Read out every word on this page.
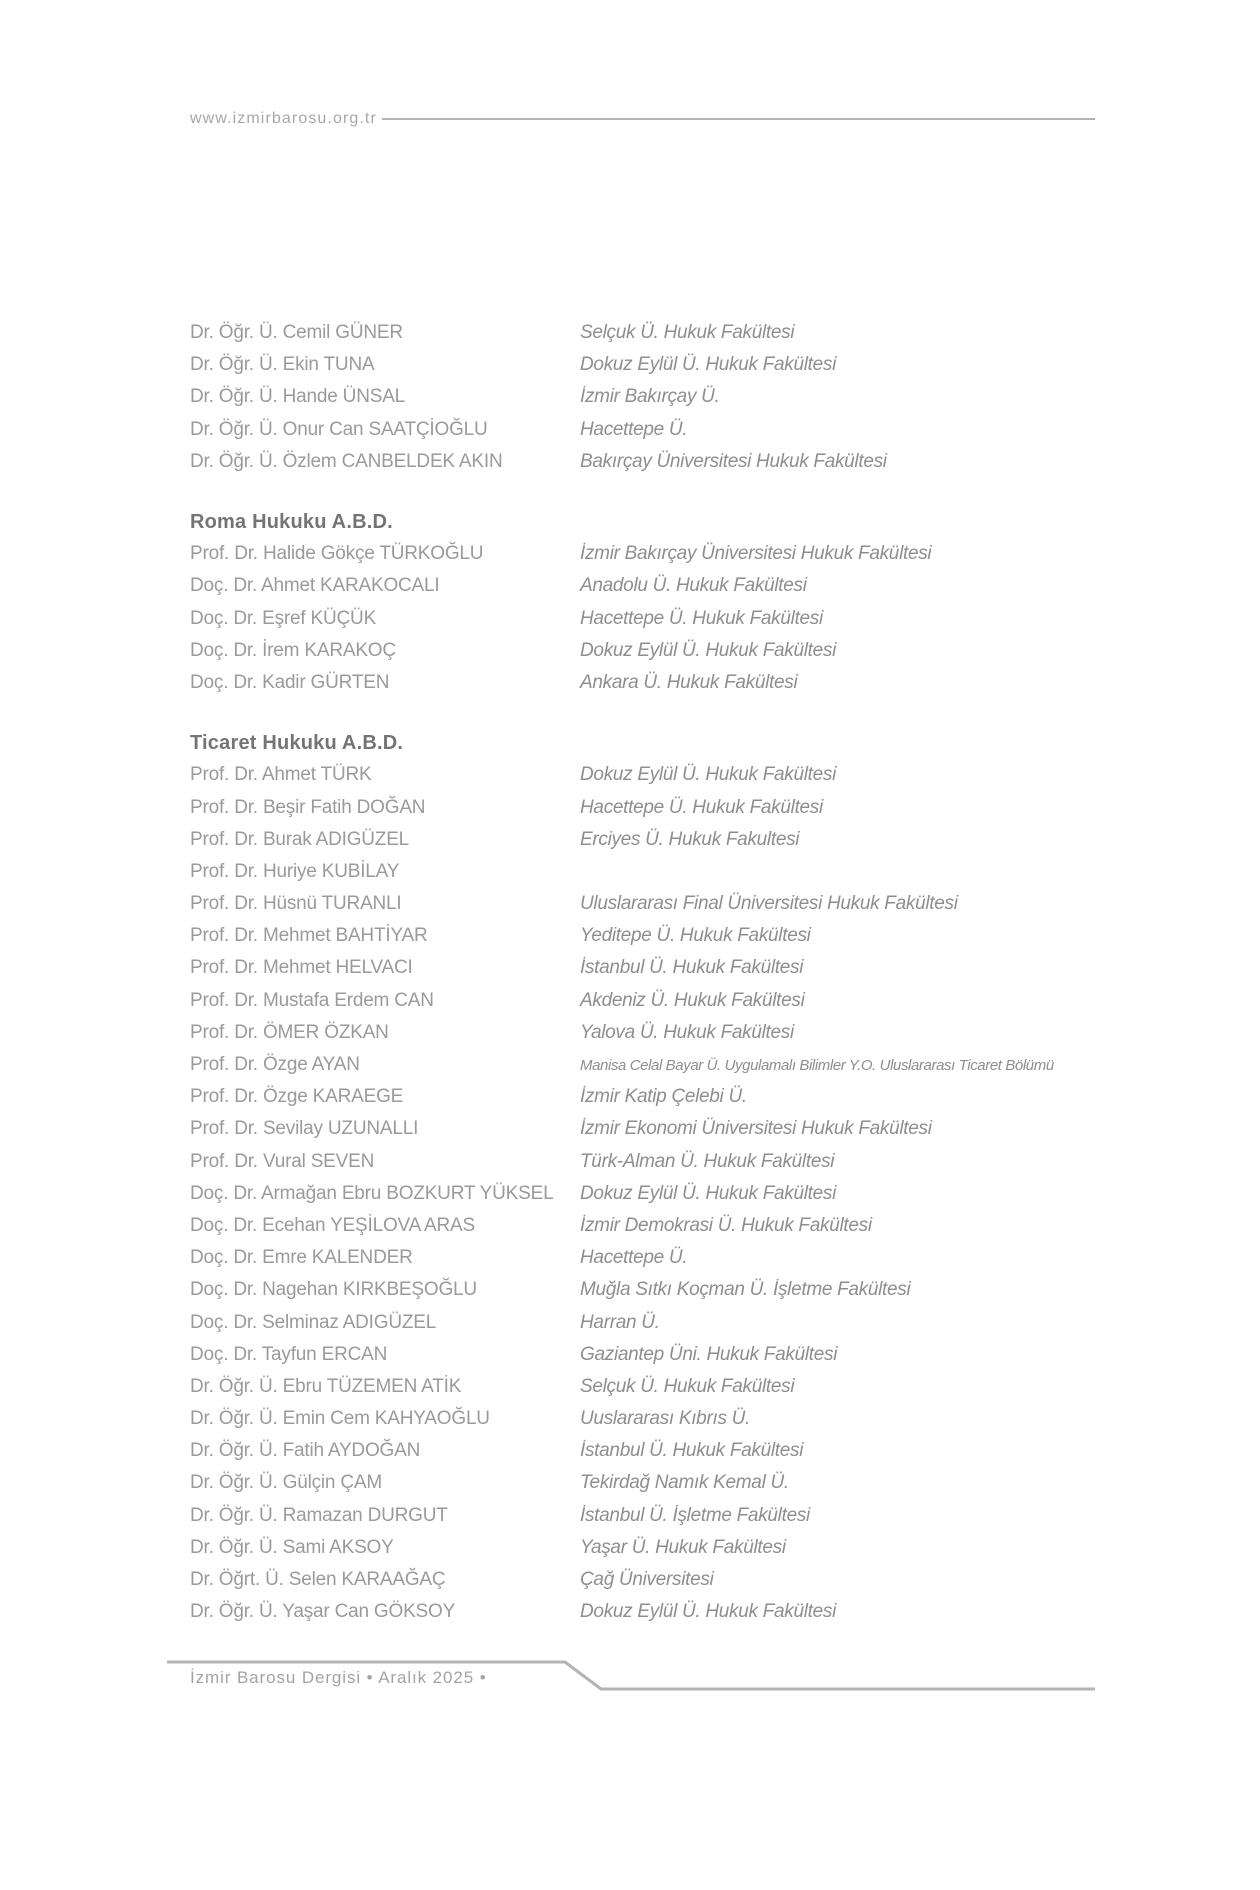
www.izmirbarosu.org.tr
Dr. Öğr. Ü. Cemil GÜNER	Selçuk Ü. Hukuk Fakültesi
Dr. Öğr. Ü. Ekin TUNA	Dokuz Eylül Ü. Hukuk Fakültesi
Dr. Öğr. Ü. Hande ÜNSAL	İzmir Bakırçay Ü.
Dr. Öğr. Ü. Onur Can SAATÇİOĞLU	Hacettepe Ü.
Dr. Öğr. Ü. Özlem CANBELDEK AKIN	Bakırçay Üniversitesi Hukuk Fakültesi
Roma Hukuku A.B.D.
Prof. Dr. Halide Gökçe TÜRKOĞLU	İzmir Bakırçay Üniversitesi Hukuk Fakültesi
Doç. Dr. Ahmet KARAKOCALI	Anadolu Ü. Hukuk Fakültesi
Doç. Dr. Eşref KÜÇÜK	Hacettepe Ü. Hukuk Fakültesi
Doç. Dr. İrem KARAKOÇ	Dokuz Eylül Ü. Hukuk Fakültesi
Doç. Dr. Kadir GÜRTEN	Ankara Ü. Hukuk Fakültesi
Ticaret Hukuku A.B.D.
Prof. Dr. Ahmet TÜRK	Dokuz Eylül Ü. Hukuk Fakültesi
Prof. Dr. Beşir Fatih DOĞAN	Hacettepe Ü. Hukuk Fakültesi
Prof. Dr. Burak ADIGÜZEL	Erciyes Ü. Hukuk Fakultesi
Prof. Dr. Huriye KUBİLAY
Prof. Dr. Hüsnü TURANLI	Uluslararası Final Üniversitesi Hukuk Fakültesi
Prof. Dr. Mehmet BAHTİYAR	Yeditepe Ü. Hukuk Fakültesi
Prof. Dr. Mehmet HELVACI	İstanbul Ü. Hukuk Fakültesi
Prof. Dr. Mustafa Erdem CAN	Akdeniz Ü. Hukuk Fakültesi
Prof. Dr. ÖMER ÖZKAN	Yalova Ü. Hukuk Fakültesi
Prof. Dr. Özge AYAN	Manisa Celal Bayar Ü. Uygulamalı Bilimler Y.O. Uluslararası Ticaret Bölümü
Prof. Dr. Özge KARAEGE	İzmir Katip Çelebi Ü.
Prof. Dr. Sevilay UZUNALLI	İzmir Ekonomi Üniversitesi Hukuk Fakültesi
Prof. Dr. Vural SEVEN	Türk-Alman Ü. Hukuk Fakültesi
Doç. Dr. Armağan Ebru BOZKURT YÜKSEL	Dokuz Eylül Ü. Hukuk Fakültesi
Doç. Dr. Ecehan YEŞİLOVA ARAS	İzmir Demokrasi Ü. Hukuk Fakültesi
Doç. Dr. Emre KALENDER	Hacettepe Ü.
Doç. Dr. Nagehan KIRKBEŞOĞLU	Muğla Sıtkı Koçman Ü. İşletme Fakültesi
Doç. Dr. Selminaz ADIGÜZEL	Harran Ü.
Doç. Dr. Tayfun ERCAN	Gaziantep Üni. Hukuk Fakültesi
Dr. Öğr. Ü. Ebru TÜZEMEN ATİK	Selçuk Ü. Hukuk Fakültesi
Dr. Öğr. Ü. Emin Cem KAHYAOĞLU	Uuslararası Kıbrıs Ü.
Dr. Öğr. Ü. Fatih AYDOĞAN	İstanbul Ü. Hukuk Fakültesi
Dr. Öğr. Ü. Gülçin ÇAM	Tekirdağ Namık Kemal Ü.
Dr. Öğr. Ü. Ramazan DURGUT	İstanbul Ü. İşletme Fakültesi
Dr. Öğr. Ü. Sami AKSOY	Yaşar Ü. Hukuk Fakültesi
Dr. Öğrt. Ü. Selen KARAAĞAÇ	Çağ Üniversitesi
Dr. Öğr. Ü. Yaşar Can GÖKSOY	Dokuz Eylül Ü. Hukuk Fakültesi
İzmir Barosu Dergisi • Aralık 2025 •
